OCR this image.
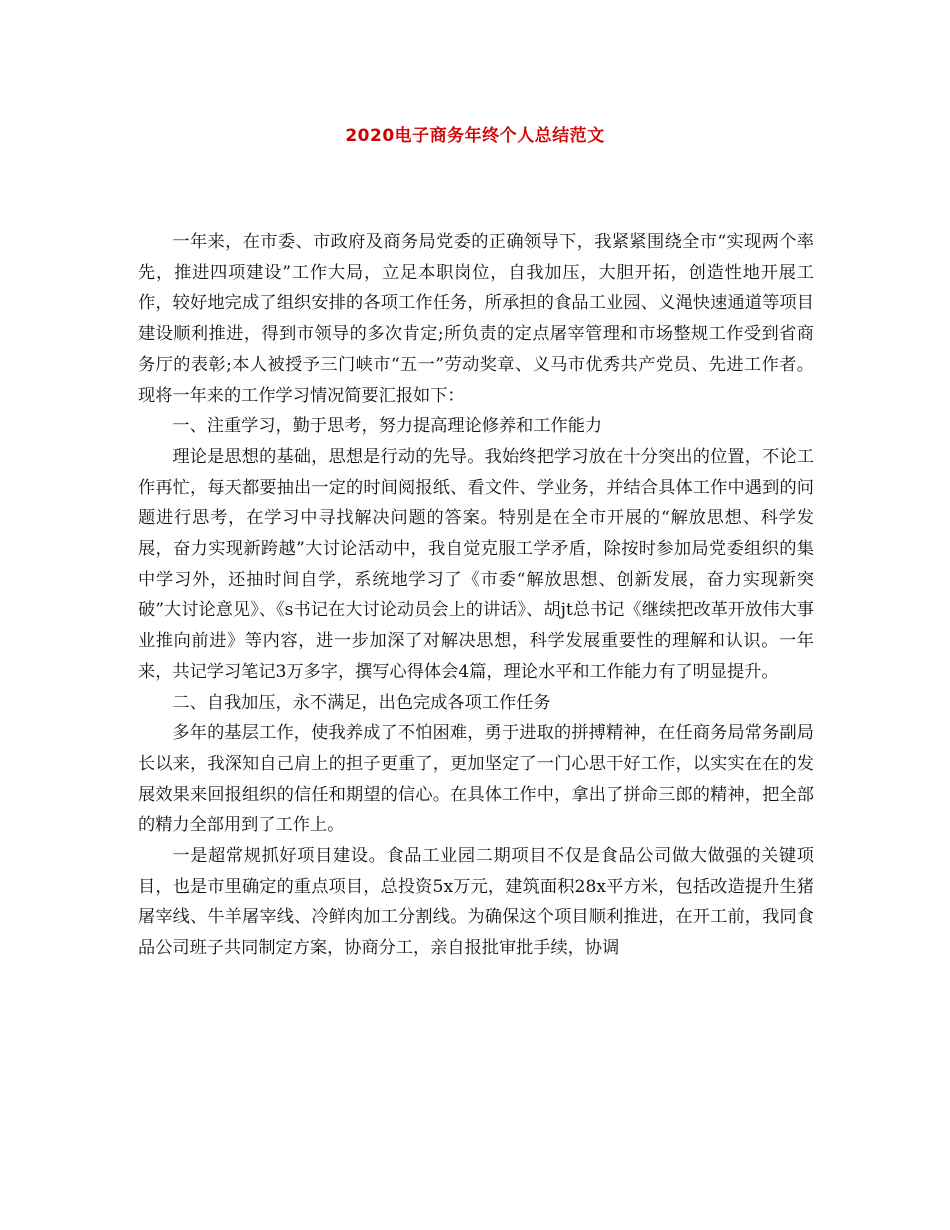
2020电子商务年终个人总结范文

一年来，在市委、市政府及商务局党委的正确领导下，我紧紧围绕全市“实现两个率先，推进四项建设”工作大局，立足本职岗位，自我加压，大胆开拓，创造性地开展工作，较好地完成了组织安排的各项工作任务，所承担的食品工业园、义渑快速通道等项目建设顺利推进，得到市领导的多次肯定;所负责的定点屠宰管理和市场整规工作受到省商务厅的表彰;本人被授予三门峡市“五一”劳动奖章、义马市优秀共产党员、先进工作者。现将一年来的工作学习情况简要汇报如下：

一、注重学习，勤于思考，努力提高理论修养和工作能力

理论是思想的基础，思想是行动的先导。我始终把学习放在十分突出的位置，不论工作再忙，每天都要抽出一定的时间阅报纸、看文件、学业务，并结合具体工作中遇到的问题进行思考，在学习中寻找解决问题的答案。特别是在全市开展的“解放思想、科学发展，奋力实现新跨越”大讨论活动中，我自觉克服工学矛盾，除按时参加局党委组织的集中学习外，还抽时间自学，系统地学习了《市委“解放思想、创新发展，奋力实现新突破”大讨论意见》、《s书记在大讨论动员会上的讲话》、胡jt总书记《继续把改革开放伟大事业推向前进》等内容，进一步加深了对解决思想，科学发展重要性的理解和认识。一年来，共记学习笔记3万多字，撰写心得体会4篇，理论水平和工作能力有了明显提升。

二、自我加压，永不满足，出色完成各项工作任务

多年的基层工作，使我养成了不怕困难，勇于进取的拼搏精神，在任商务局常务副局长以来，我深知自己肩上的担子更重了，更加坚定了一门心思干好工作，以实实在在的发展效果来回报组织的信任和期望的信心。在具体工作中，拿出了拼命三郎的精神，把全部的精力全部用到了工作上。

一是超常规抓好项目建设。食品工业园二期项目不仅是食品公司做大做强的关键项目，也是市里确定的重点项目，总投资5x万元，建筑面积28x平方米，包括改造提升生猪屠宰线、牛羊屠宰线、冷鲜肉加工分割线。为确保这个项目顺利推进，在开工前，我同食品公司班子共同制定方案，协商分工，亲自报批审批手续，协调
